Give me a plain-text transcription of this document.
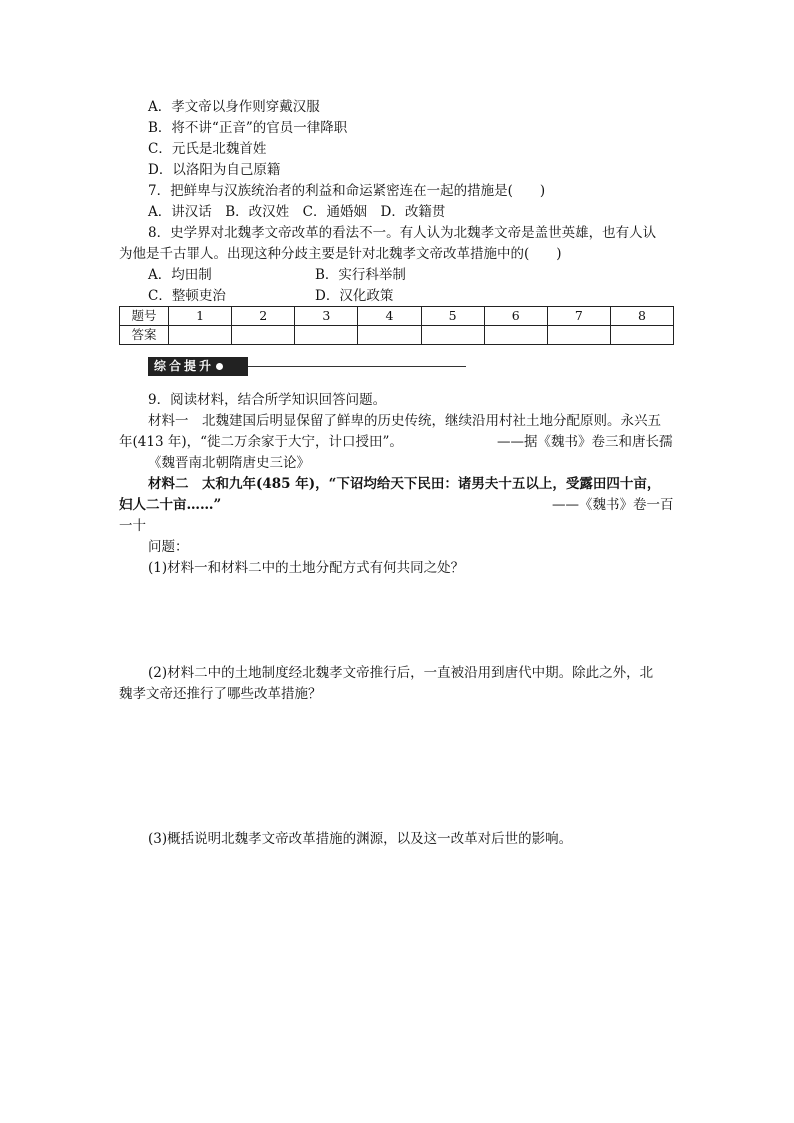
A．孝文帝以身作则穿戴汉服
B．将不讲“正音”的官员一律降职
C．元氏是北魏首姓
D．以洛阳为自己原籍
7．把鲜卑与汉族统治者的利益和命运紧密连在一起的措施是(　　)
A．讲汉话　B．改汉姓　C．通婚姻　D．改籍贯
8．史学界对北魏孝文帝改革的看法不一。有人认为北魏孝文帝是盖世英雄，也有人认
为他是千古罪人。出现这种分歧主要是针对北魏孝文帝改革措施中的(　　)
A．均田制	B．实行科举制
C．整顿吏治	D．汉化政策
题号	1	2	3	4	5	6	7	8
答案								
综合提升
9．阅读材料，结合所学知识回答问题。
材料一　北魏建国后明显保留了鲜卑的历史传统，继续沿用村社土地分配原则。永兴五
年(413 年)，“徙二万余家于大宁，计口授田”。	——据《魏书》卷三和唐长孺
《魏晋南北朝隋唐史三论》
材料二　太和九年(485 年)，“下诏均给天下民田：诸男夫十五以上，受露田四十亩，
妇人二十亩……”	——《魏书》卷一百
一十
问题：
(1)材料一和材料二中的土地分配方式有何共同之处？
(2)材料二中的土地制度经北魏孝文帝推行后，一直被沿用到唐代中期。除此之外，北
魏孝文帝还推行了哪些改革措施？
(3)概括说明北魏孝文帝改革措施的渊源，以及这一改革对后世的影响。
